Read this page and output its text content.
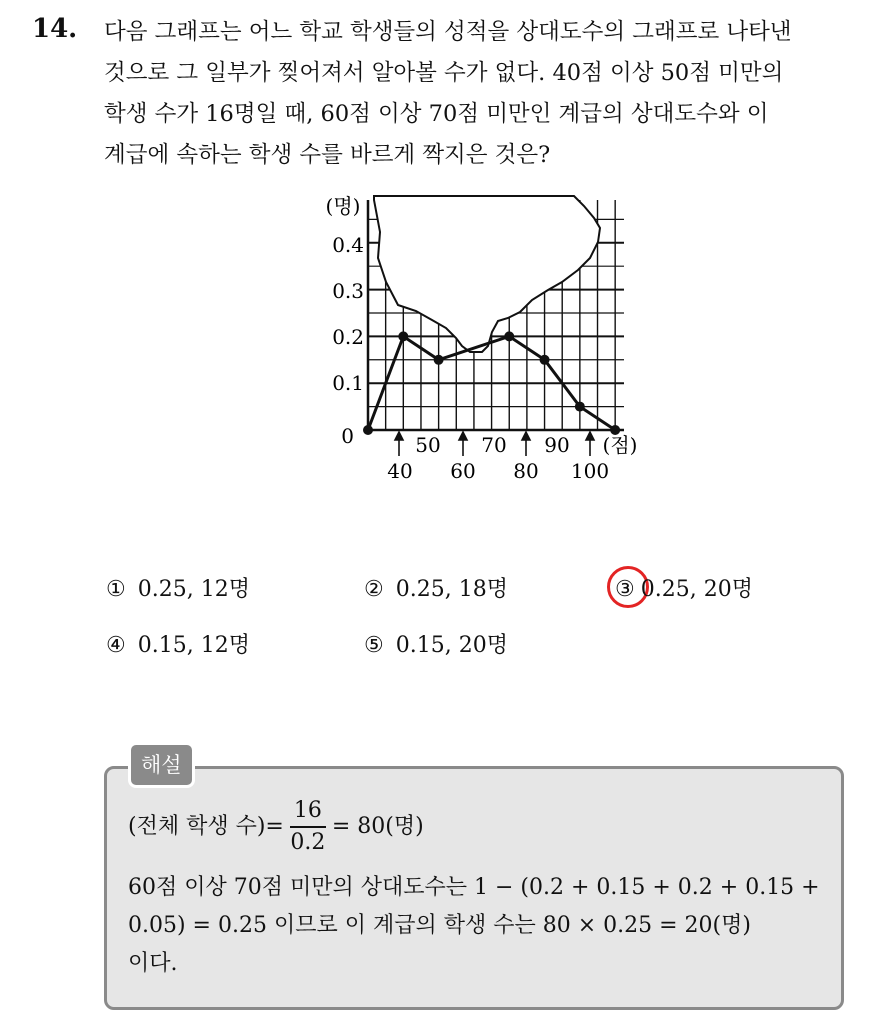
14. 다음 그래프는 어느 학교 학생들의 성적을 상대도수의 그래프로 나타낸
것으로 그 일부가 찢어져서 알아볼 수가 없다. 40점 이상 50점 미만의
학생 수가 16명일 때, 60점 이상 70점 미만인 계급의 상대도수와 이
계급에 속하는 학생 수를 바르게 짝지은 것은?
(명)
0
0.1
0.2
0.3
0.4
50 70 90 (점)
40 60 80 100
① 0.25, 12명	② 0.25, 18명	③ 0.25, 20명
④ 0.15, 12명	⑤ 0.15, 20명
해설
(전체 학생 수)= $\frac{16}{0.2} = 80$(명)
60점 이상 70점 미만의 상대도수는 1 − (0.2 + 0.15 + 0.2 + 0.15 +
0.05) = 0.25 이므로 이 계급의 학생 수는 80 × 0.25 = 20(명)
이다.
